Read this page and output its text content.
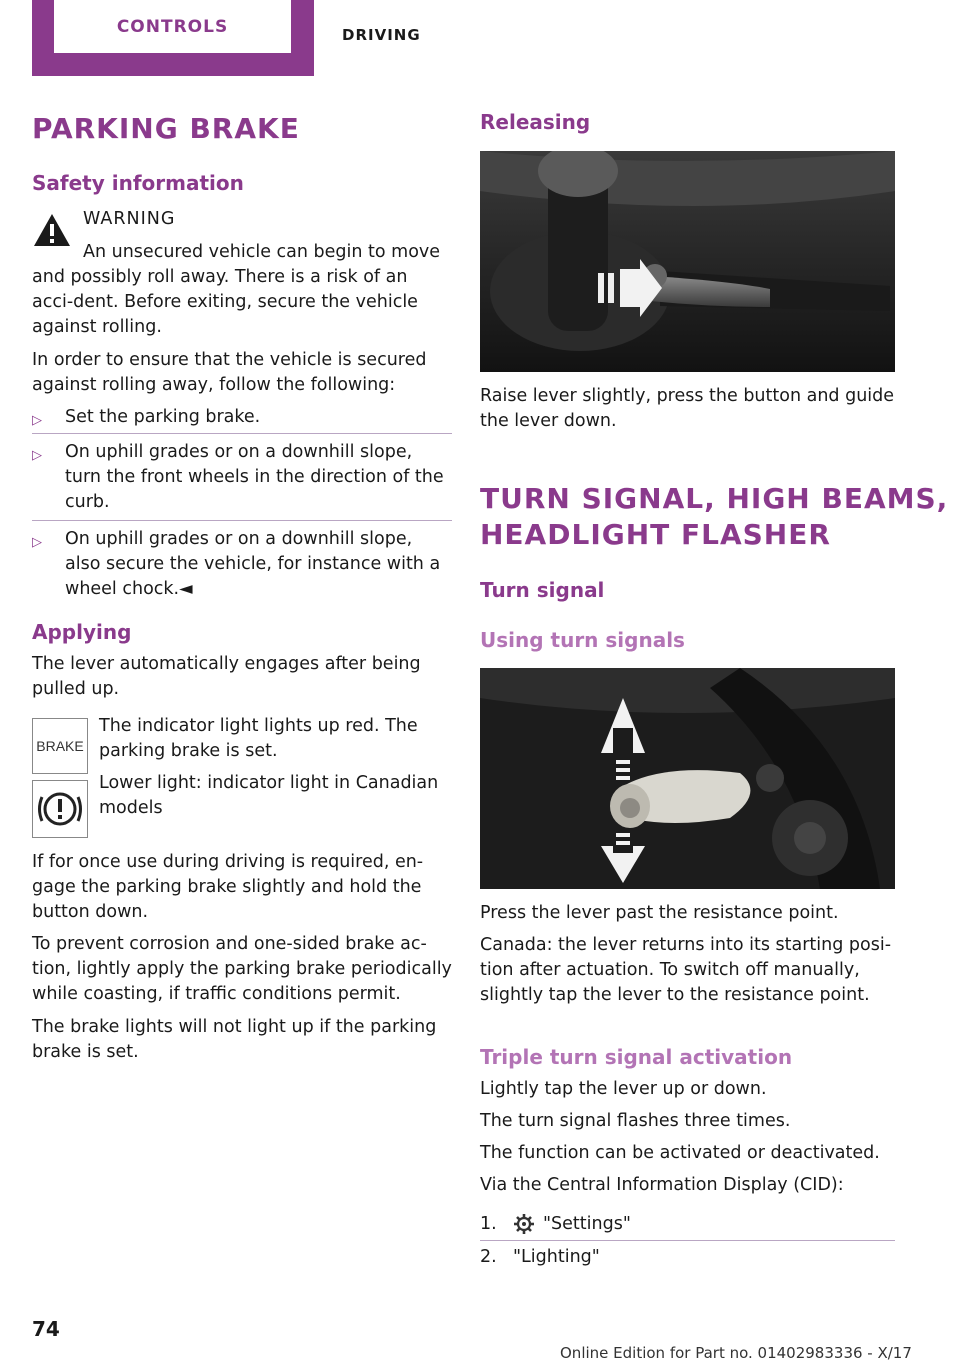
CONTROLS	DRIVING
PARKING BRAKE
Safety information
WARNING
An unsecured vehicle can begin to move
and possibly roll away. There is a risk of an acci-dent. Before exiting, secure the vehicle against rolling.
In order to ensure that the vehicle is secured against rolling away, follow the following:
▷	Set the parking brake.
▷	On uphill grades or on a downhill slope, turn the front wheels in the direction of the curb.
▷	On uphill grades or on a downhill slope, also secure the vehicle, for instance with a wheel chock.◄
Applying
The lever automatically engages after being pulled up.
BRAKE
The indicator light lights up red. The parking brake is set.
Lower light: indicator light in Canadian models
If for once use during driving is required, en-gage the parking brake slightly and hold the button down.
To prevent corrosion and one-sided brake ac-tion, lightly apply the parking brake periodically while coasting, if traffic conditions permit.
The brake lights will not light up if the parking brake is set.
Releasing
Raise lever slightly, press the button and guide the lever down.
TURN SIGNAL, HIGH BEAMS,
HEADLIGHT FLASHER
Turn signal
Using turn signals
Press the lever past the resistance point.
Canada: the lever returns into its starting posi-tion after actuation. To switch off manually, slightly tap the lever to the resistance point.
Triple turn signal activation
Lightly tap the lever up or down.
The turn signal flashes three times.
The function can be activated or deactivated.
Via the Central Information Display (CID):
1.	"Settings"
2. "Lighting"
74
Online Edition for Part no. 01402983336 - X/17
